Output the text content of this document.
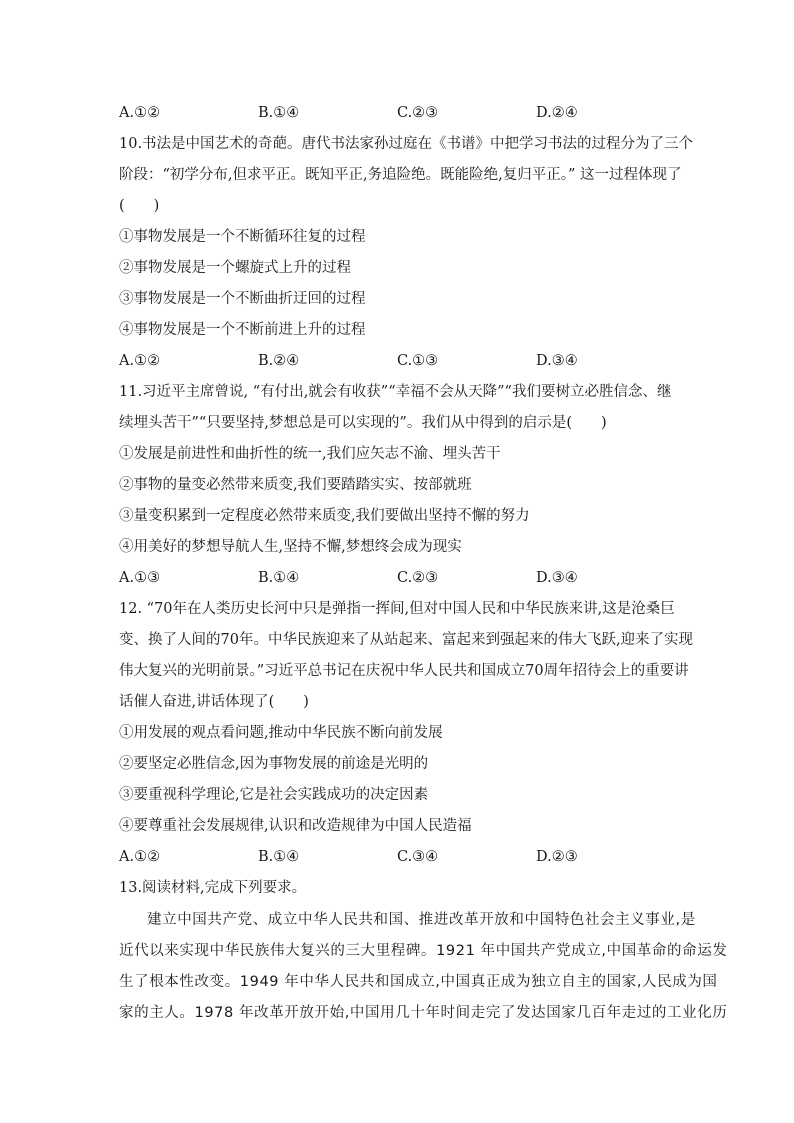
A.①②	B.①④	C.②③	D.②④
10.书法是中国艺术的奇葩。唐代书法家孙过庭在《书谱》中把学习书法的过程分为了三个
阶段：“初学分布,但求平正。既知平正,务追险绝。既能险绝,复归平正。” 这一过程体现了
(　　)
①事物发展是一个不断循环往复的过程
②事物发展是一个螺旋式上升的过程
③事物发展是一个不断曲折迂回的过程
④事物发展是一个不断前进上升的过程
A.①②	B.②④	C.①③	D.③④
11.习近平主席曾说, “有付出,就会有收获”“幸福不会从天降”“我们要树立必胜信念、继
续埋头苦干”“只要坚持,梦想总是可以实现的”。我们从中得到的启示是(　　)
①发展是前进性和曲折性的统一,我们应矢志不渝、埋头苦干
②事物的量变必然带来质变,我们要踏踏实实、按部就班
③量变积累到一定程度必然带来质变,我们要做出坚持不懈的努力
④用美好的梦想导航人生,坚持不懈,梦想终会成为现实
A.①③	B.①④	C.②③	D.③④
12. “70年在人类历史长河中只是弹指一挥间,但对中国人民和中华民族来讲,这是沧桑巨
变、换了人间的70年。中华民族迎来了从站起来、富起来到强起来的伟大飞跃,迎来了实现
伟大复兴的光明前景。”习近平总书记在庆祝中华人民共和国成立70周年招待会上的重要讲
话催人奋进,讲话体现了(　　)
①用发展的观点看问题,推动中华民族不断向前发展
②要坚定必胜信念,因为事物发展的前途是光明的
③要重视科学理论,它是社会实践成功的决定因素
④要尊重社会发展规律,认识和改造规律为中国人民造福
A.①②	B.①④	C.③④	D.②③
13.阅读材料,完成下列要求。
建立中国共产党、成立中华人民共和国、推进改革开放和中国特色社会主义事业,是
近代以来实现中华民族伟大复兴的三大里程碑。1921 年中国共产党成立,中国革命的命运发
生了根本性改变。1949 年中华人民共和国成立,中国真正成为独立自主的国家,人民成为国
家的主人。1978 年改革开放开始,中国用几十年时间走完了发达国家几百年走过的工业化历
